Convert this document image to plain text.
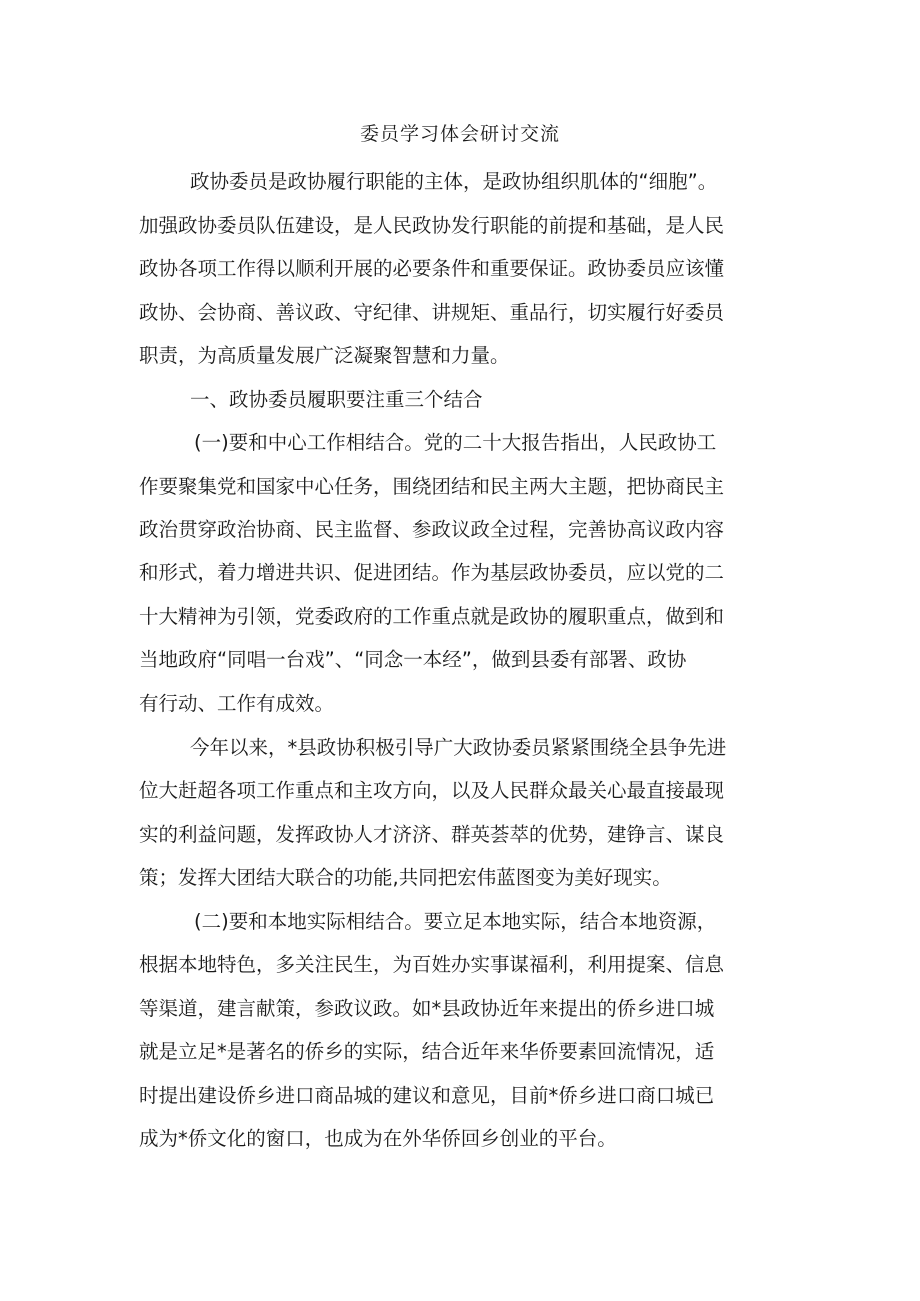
委员学习体会研讨交流

政协委员是政协履行职能的主体，是政协组织肌体的“细胞”。

加强政协委员队伍建设，是人民政协发行职能的前提和基础，是人民

政协各项工作得以顺利开展的必要条件和重要保证。政协委员应该懂

政协、会协商、善议政、守纪律、讲规矩、重品行，切实履行好委员

职责，为高质量发展广泛凝聚智慧和力量。

一、政协委员履职要注重三个结合

(一)要和中心工作相结合。党的二十大报告指出，人民政协工

作要聚集党和国家中心任务，围绕团结和民主两大主题，把协商民主

政治贯穿政治协商、民主监督、参政议政全过程，完善协高议政内容

和形式，着力增进共识、促进团结。作为基层政协委员，应以党的二

十大精神为引领，党委政府的工作重点就是政协的履职重点，做到和

当地政府“同唱一台戏”、“同念一本经”，做到县委有部署、政协

有行动、工作有成效。

今年以来，*县政协积极引导广大政协委员紧紧围绕全县争先进

位大赶超各项工作重点和主攻方向，以及人民群众最关心最直接最现

实的利益问题，发挥政协人才济济、群英荟萃的优势，建铮言、谋良

策；发挥大团结大联合的功能,共同把宏伟蓝图变为美好现实。

(二)要和本地实际相结合。要立足本地实际，结合本地资源，

根据本地特色，多关注民生，为百姓办实事谋福利，利用提案、信息

等渠道，建言献策，参政议政。如*县政协近年来提出的侨乡进口城

就是立足*是著名的侨乡的实际，结合近年来华侨要素回流情况，适

时提出建设侨乡进口商品城的建议和意见，目前*侨乡进口商口城已

成为*侨文化的窗口，也成为在外华侨回乡创业的平台。
